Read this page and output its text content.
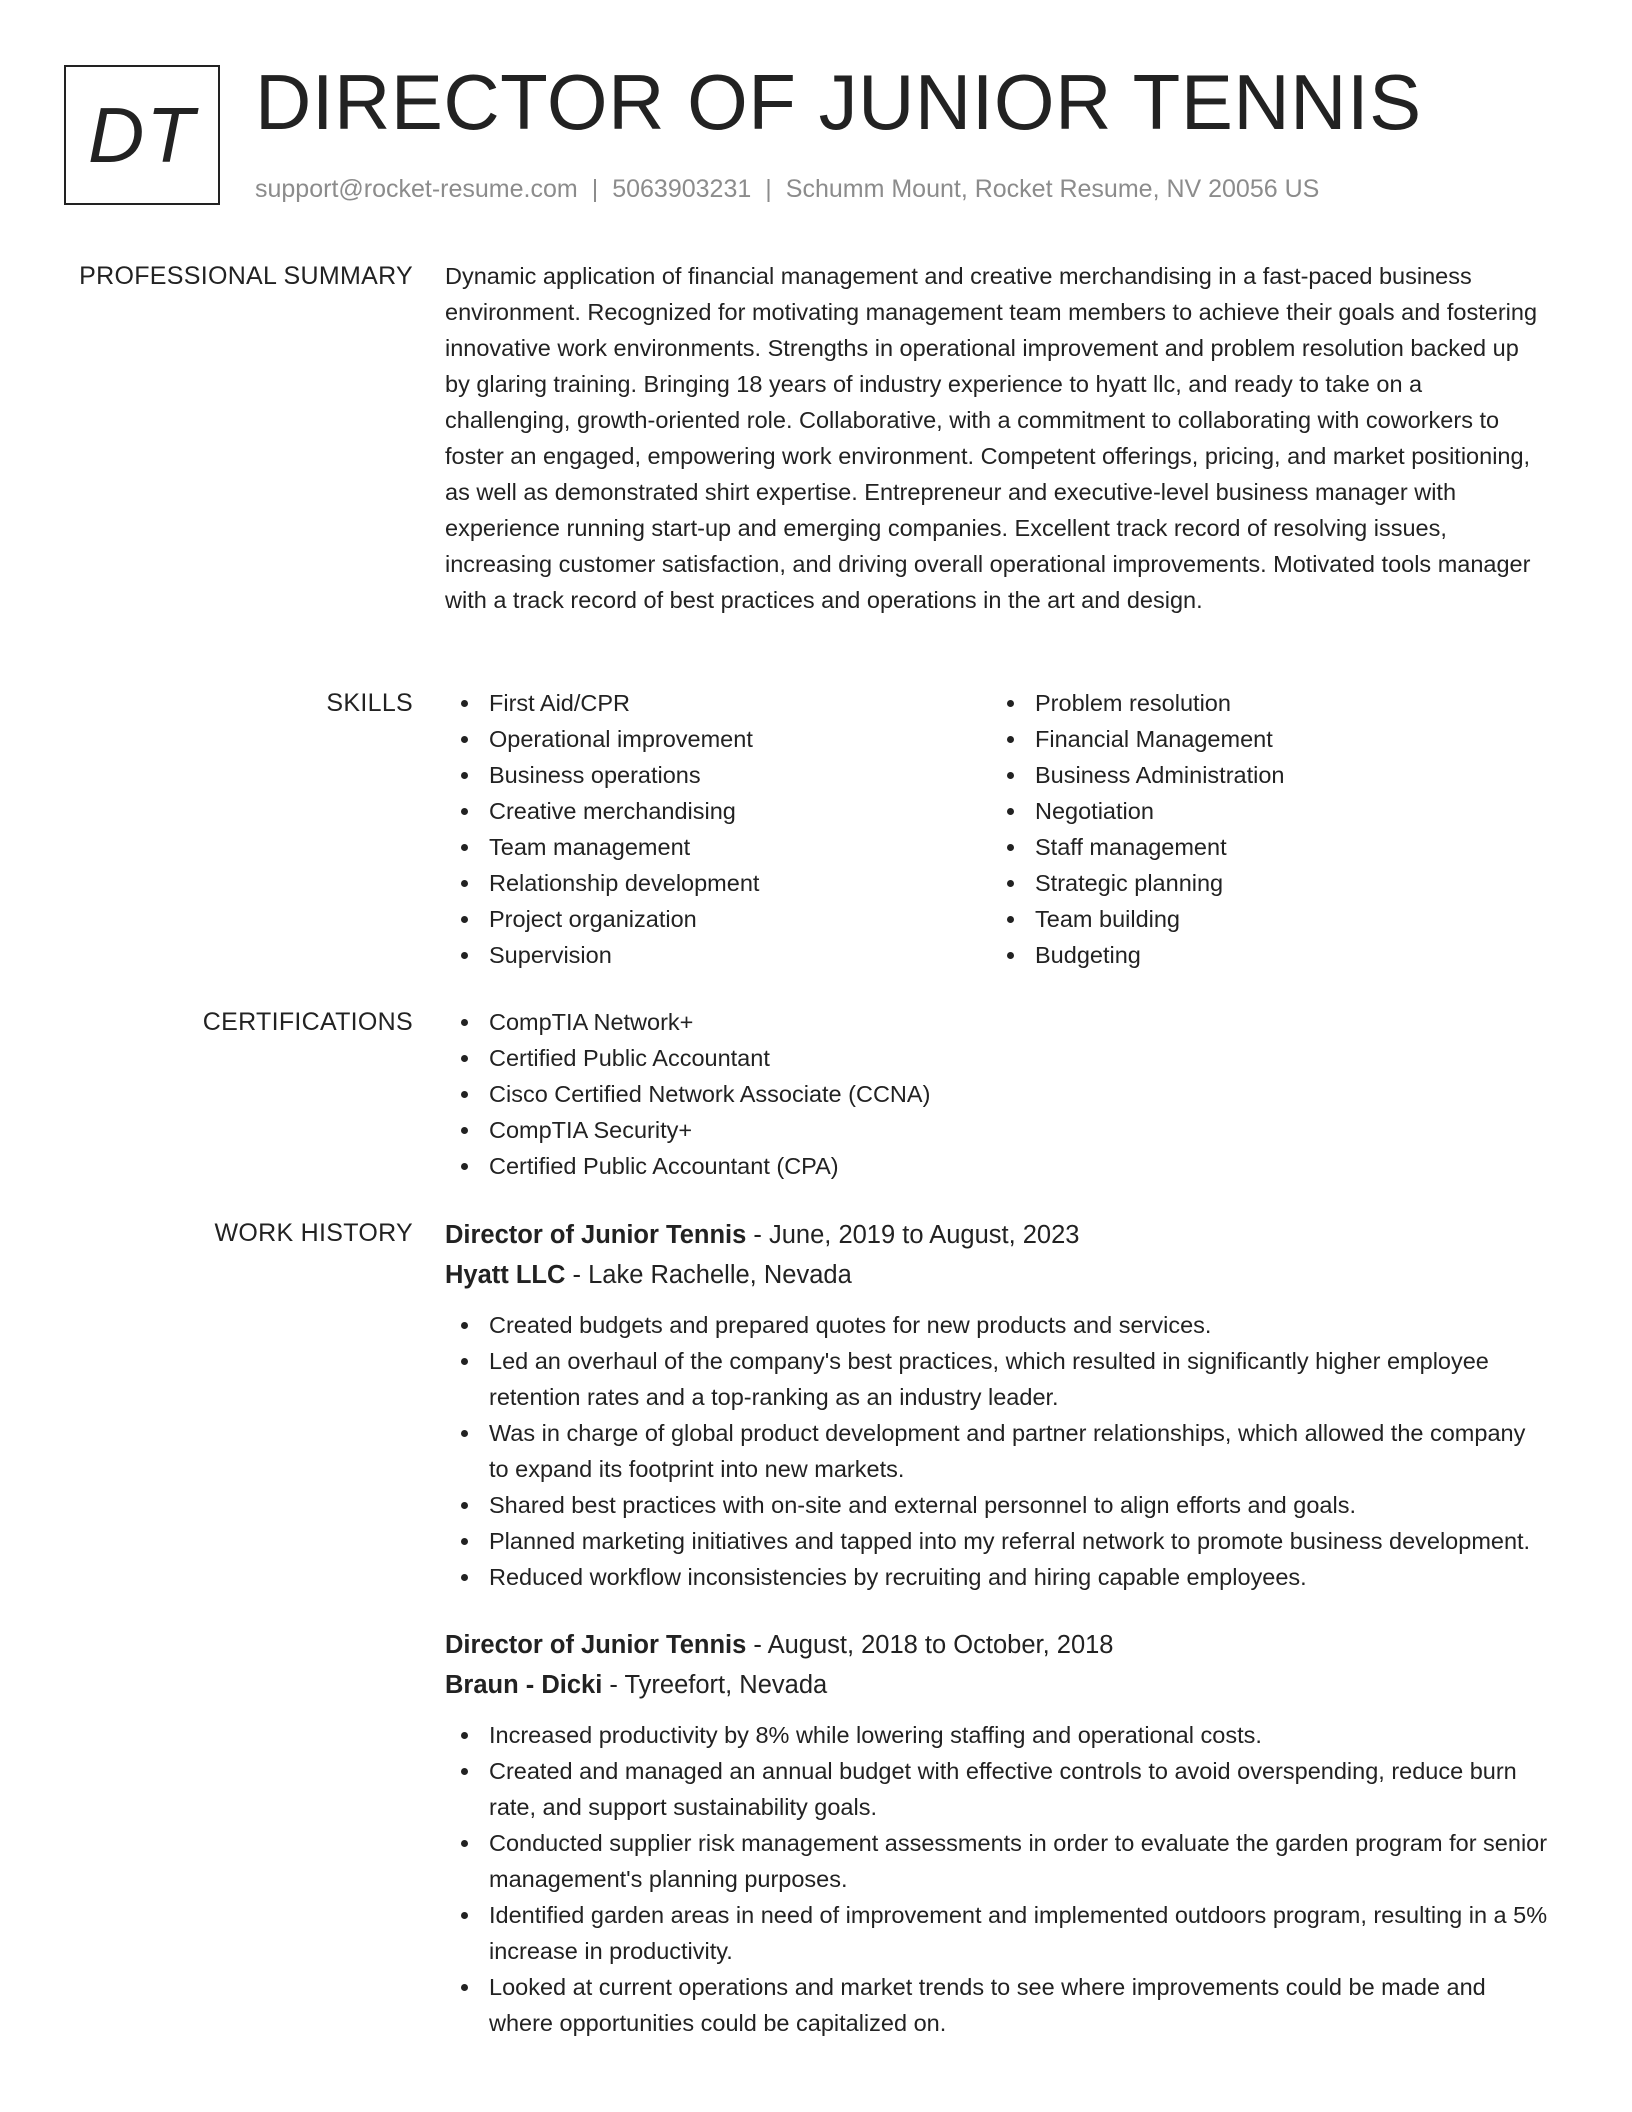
DT DIRECTOR OF JUNIOR TENNIS
support@rocket-resume.com | 5063903231 | Schumm Mount, Rocket Resume, NV 20056 US
PROFESSIONAL SUMMARY Dynamic application of financial management and creative merchandising in a fast-paced business environment. Recognized for motivating management team members to achieve their goals and fostering innovative work environments. Strengths in operational improvement and problem resolution backed up by glaring training. Bringing 18 years of industry experience to hyatt llc, and ready to take on a challenging, growth-oriented role. Collaborative, with a commitment to collaborating with coworkers to foster an engaged, empowering work environment. Competent offerings, pricing, and market positioning, as well as demonstrated shirt expertise. Entrepreneur and executive-level business manager with experience running start-up and emerging companies. Excellent track record of resolving issues, increasing customer satisfaction, and driving overall operational improvements. Motivated tools manager with a track record of best practices and operations in the art and design.
SKILLS	First Aid/CPR
Operational improvement
Business operations
Creative merchandising
Team management
Relationship development
Project organization
Supervision
Problem resolution
Financial Management
Business Administration
Negotiation
Staff management
Strategic planning
Team building
Budgeting
CERTIFICATIONS	CompTIA Network+
Certified Public Accountant
Cisco Certified Network Associate (CCNA)
CompTIA Security+
Certified Public Accountant (CPA)
WORK HISTORY Director of Junior Tennis - June, 2019 to August, 2023
Hyatt LLC - Lake Rachelle, Nevada
Created budgets and prepared quotes for new products and services.
Led an overhaul of the company's best practices, which resulted in significantly higher employee retention rates and a top-ranking as an industry leader.
Was in charge of global product development and partner relationships, which allowed the company to expand its footprint into new markets.
Shared best practices with on-site and external personnel to align efforts and goals.
Planned marketing initiatives and tapped into my referral network to promote business development.
Reduced workflow inconsistencies by recruiting and hiring capable employees.
Director of Junior Tennis - August, 2018 to October, 2018
Braun - Dicki - Tyreefort, Nevada
Increased productivity by 8% while lowering staffing and operational costs.
Created and managed an annual budget with effective controls to avoid overspending, reduce burn rate, and support sustainability goals.
Conducted supplier risk management assessments in order to evaluate the garden program for senior management's planning purposes.
Identified garden areas in need of improvement and implemented outdoors program, resulting in a 5% increase in productivity.
Looked at current operations and market trends to see where improvements could be made and where opportunities could be capitalized on.
